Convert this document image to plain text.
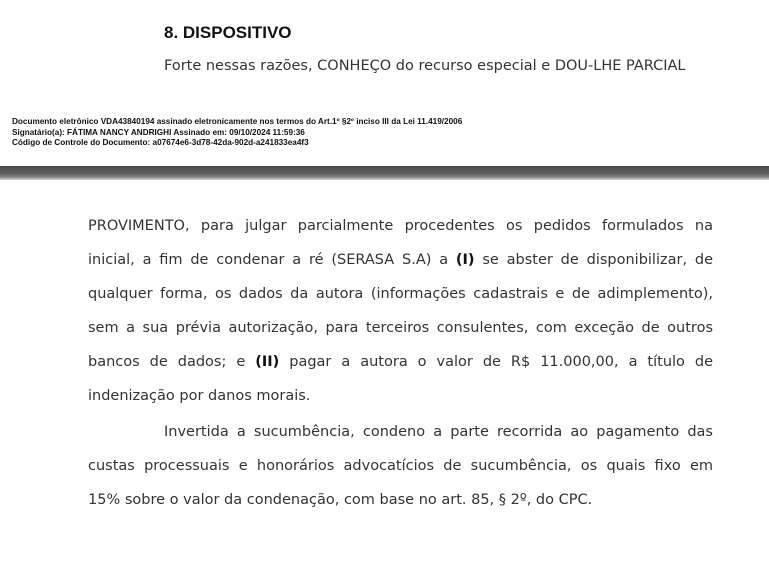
8. DISPOSITIVO
Forte nessas razões, CONHEÇO do recurso especial e DOU-LHE PARCIAL
Documento eletrônico VDA43840194 assinado eletronicamente nos termos do Art.1º §2º inciso III da Lei 11.419/2006
Signatário(a): FÁTIMA NANCY ANDRIGHI Assinado em: 09/10/2024 11:59:36
Código de Controle do Documento: a07674e6-3d78-42da-902d-a241833ea4f3
PROVIMENTO, para julgar parcialmente procedentes os pedidos formulados na
inicial, a fim de condenar a ré (SERASA S.A) a (I) se abster de disponibilizar, de
qualquer forma, os dados da autora (informações cadastrais e de adimplemento),
sem a sua prévia autorização, para terceiros consulentes, com exceção de outros
bancos de dados; e (II) pagar a autora o valor de R$ 11.000,00, a título de
indenização por danos morais.
Invertida a sucumbência, condeno a parte recorrida ao pagamento das
custas processuais e honorários advocatícios de sucumbência, os quais fixo em
15% sobre o valor da condenação, com base no art. 85, § 2º, do CPC.
